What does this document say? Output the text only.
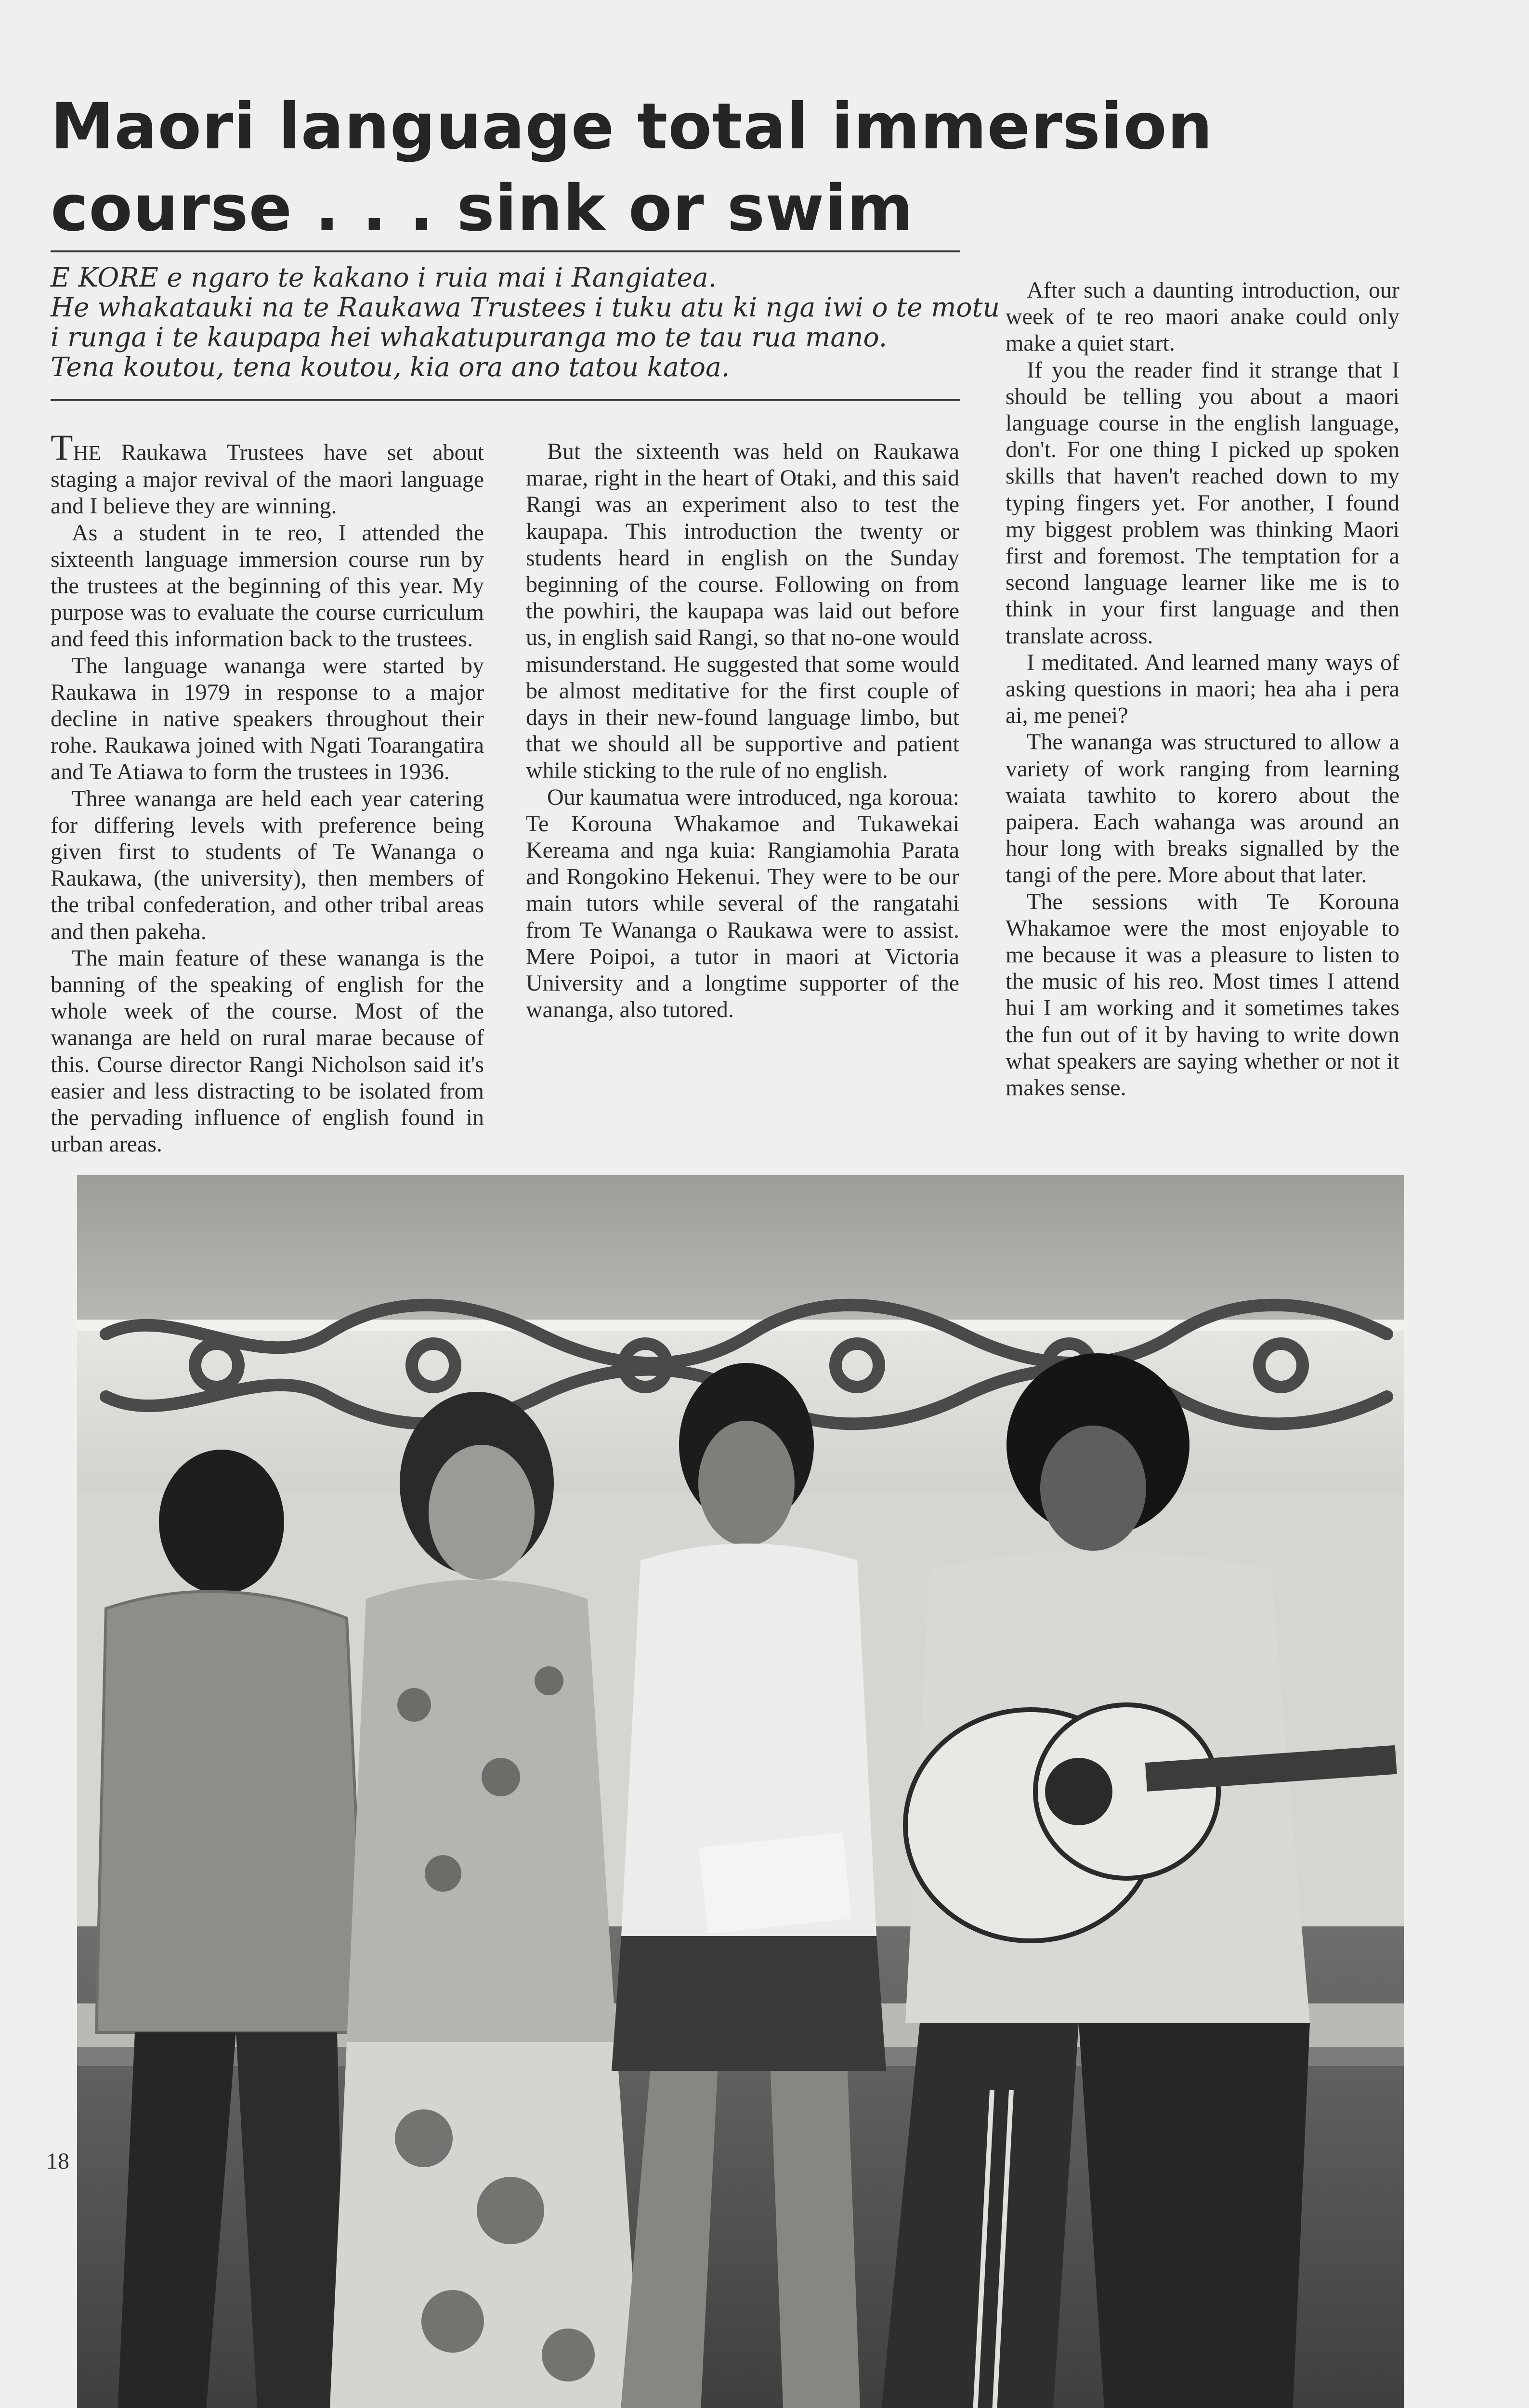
Maori language total immersion
course . . . sink or swim
E KORE e ngaro te kakano i ruia mai i Rangiatea.
He whakatauki na te Raukawa Trustees i tuku atu ki nga iwi o te motu
i runga i te kaupapa hei whakatupuranga mo te tau rua mano.
Tena koutou, tena koutou, kia ora ano tatou katoa.

THE Raukawa Trustees have set about staging a major revival of the maori language and I believe they are winning.

As a student in te reo, I attended the sixteenth language immersion course run by the trustees at the beginning of this year. My purpose was to evaluate the course curriculum and feed this information back to the trustees.

The language wananga were started by Raukawa in 1979 in response to a major decline in native speakers throughout their rohe. Raukawa joined with Ngati Toarangatira and Te Atiawa to form the trustees in 1936.

Three wananga are held each year catering for differing levels with preference being given first to students of Te Wananga o Raukawa, (the university), then members of the tribal confederation, and other tribal areas and then pakeha.

The main feature of these wananga is the banning of the speaking of english for the whole week of the course. Most of the wananga are held on rural marae because of this. Course director Rangi Nicholson said it's easier and less distracting to be isolated from the pervading influence of english found in urban areas.

But the sixteenth was held on Raukawa marae, right in the heart of Otaki, and this said Rangi was an experiment also to test the kaupapa. This introduction the twenty or students heard in english on the Sunday beginning of the course. Following on from the powhiri, the kaupapa was laid out before us, in english said Rangi, so that no-one would misunderstand. He suggested that some would be almost meditative for the first couple of days in their new-found language limbo, but that we should all be supportive and patient while sticking to the rule of no english.

Our kaumatua were introduced, nga koroua: Te Korouna Whakamoe and Tukawekai Kereama and nga kuia: Rangiamohia Parata and Rongokino Hekenui. They were to be our main tutors while several of the rangatahi from Te Wananga o Raukawa were to assist. Mere Poipoi, a tutor in maori at Victoria University and a longtime supporter of the wananga, also tutored.

After such a daunting introduction, our week of te reo maori anake could only make a quiet start.

If you the reader find it strange that I should be telling you about a maori language course in the english language, don't. For one thing I picked up spoken skills that haven't reached down to my typing fingers yet. For another, I found my biggest problem was thinking Maori first and foremost. The temptation for a second language learner like me is to think in your first language and then translate across.

I meditated. And learned many ways of asking questions in maori; hea aha i pera ai, me penei?

The wananga was structured to allow a variety of work ranging from learning waiata tawhito to korero about the paipera. Each wahanga was around an hour long with breaks signalled by the tangi of the pere. More about that later.

The sessions with Te Korouna Whakamoe were the most enjoyable to me because it was a pleasure to listen to the music of his reo. Most times I attend hui I am working and it sometimes takes the fun out of it by having to write down what speakers are saying whether or not it makes sense.

18
